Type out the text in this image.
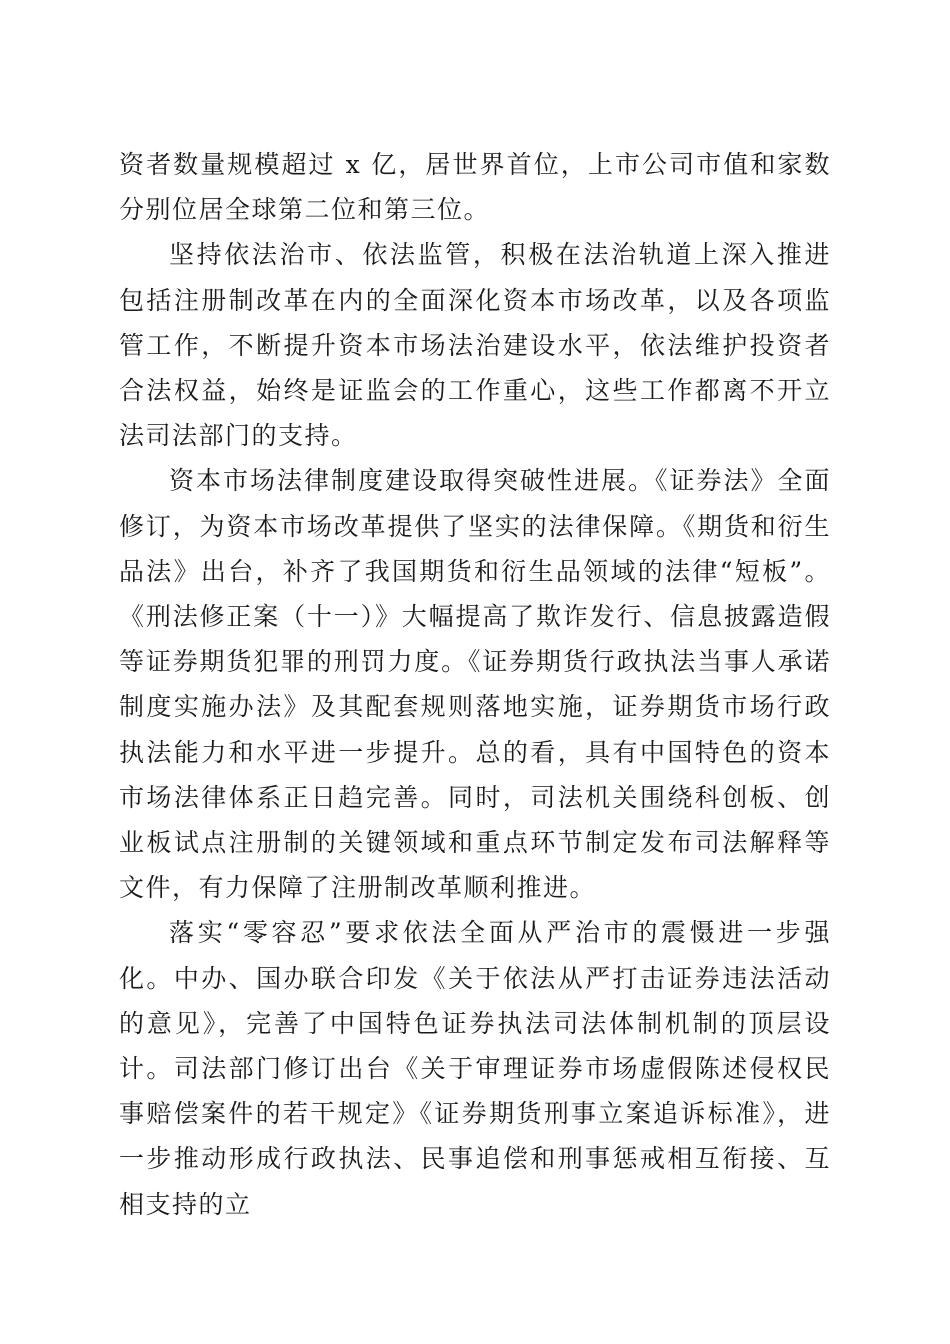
资者数量规模超过 x 亿，居世界首位，上市公司市值和家数分别位居全球第二位和第三位。

坚持依法治市、依法监管，积极在法治轨道上深入推进包括注册制改革在内的全面深化资本市场改革，以及各项监管工作，不断提升资本市场法治建设水平，依法维护投资者合法权益，始终是证监会的工作重心，这些工作都离不开立法司法部门的支持。

资本市场法律制度建设取得突破性进展。《证券法》全面修订，为资本市场改革提供了坚实的法律保障。《期货和衍生品法》出台，补齐了我国期货和衍生品领域的法律“短板”。《刑法修正案（十一）》大幅提高了欺诈发行、信息披露造假等证券期货犯罪的刑罚力度。《证券期货行政执法当事人承诺制度实施办法》及其配套规则落地实施，证券期货市场行政执法能力和水平进一步提升。总的看，具有中国特色的资本市场法律体系正日趋完善。同时，司法机关围绕科创板、创业板试点注册制的关键领域和重点环节制定发布司法解释等文件，有力保障了注册制改革顺利推进。

落实“零容忍”要求依法全面从严治市的震慑进一步强化。中办、国办联合印发《关于依法从严打击证券违法活动的意见》，完善了中国特色证券执法司法体制机制的顶层设计。司法部门修订出台《关于审理证券市场虚假陈述侵权民事赔偿案件的若干规定》《证券期货刑事立案追诉标准》，进一步推动形成行政执法、民事追偿和刑事惩戒相互衔接、互相支持的立
